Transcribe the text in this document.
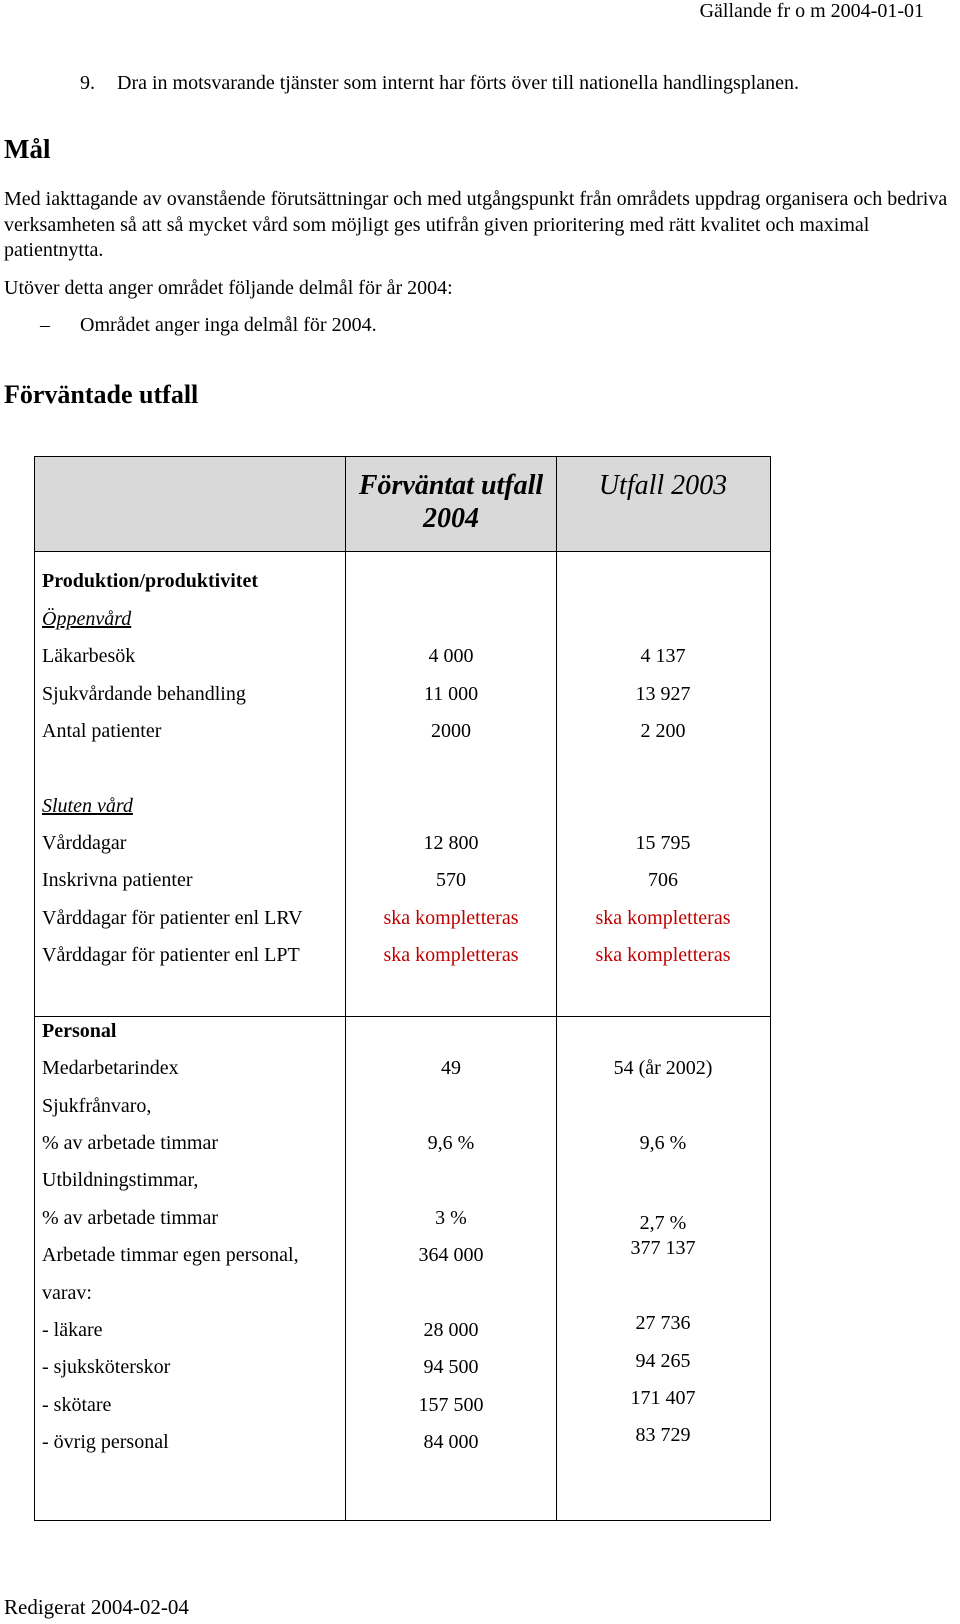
Gällande fr o m 2004-01-01
9. Dra in motsvarande tjänster som internt har förts över till nationella handlingsplanen.
Mål
Med iakttagande av ovanstående förutsättningar och med utgångspunkt från områdets uppdrag organisera och bedriva verksamheten så att så mycket vård som möjligt ges utifrån given prioritering med rätt kvalitet och maximal patientnytta.
Utöver detta anger området följande delmål för år 2004:
– Området anger inga delmål för 2004.
Förväntade utfall
Förväntat utfall 2004
Utfall 2003
Produktion/produktivitet
Öppenvård
Läkarbesök	4 000	4 137
Sjukvårdande behandling	11 000	13 927
Antal patienter	2000	2 200
Sluten vård
Vårddagar	12 800	15 795
Inskrivna patienter	570	706
Vårddagar för patienter enl LRV	ska kompletteras	ska kompletteras
Vårddagar för patienter enl LPT	ska kompletteras	ska kompletteras
Personal
Medarbetarindex	49	54 (år 2002)
Sjukfrånvaro,
% av arbetade timmar	9,6 %	9,6 %
Utbildningstimmar,
% av arbetade timmar	3 %	2,7 %
Arbetade timmar egen personal,	364 000	377 137
varav:
- läkare	28 000	27 736
- sjuksköterskor	94 500	94 265
- skötare	157 500	171 407
- övrig personal	84 000	83 729
Redigerat 2004-02-04
